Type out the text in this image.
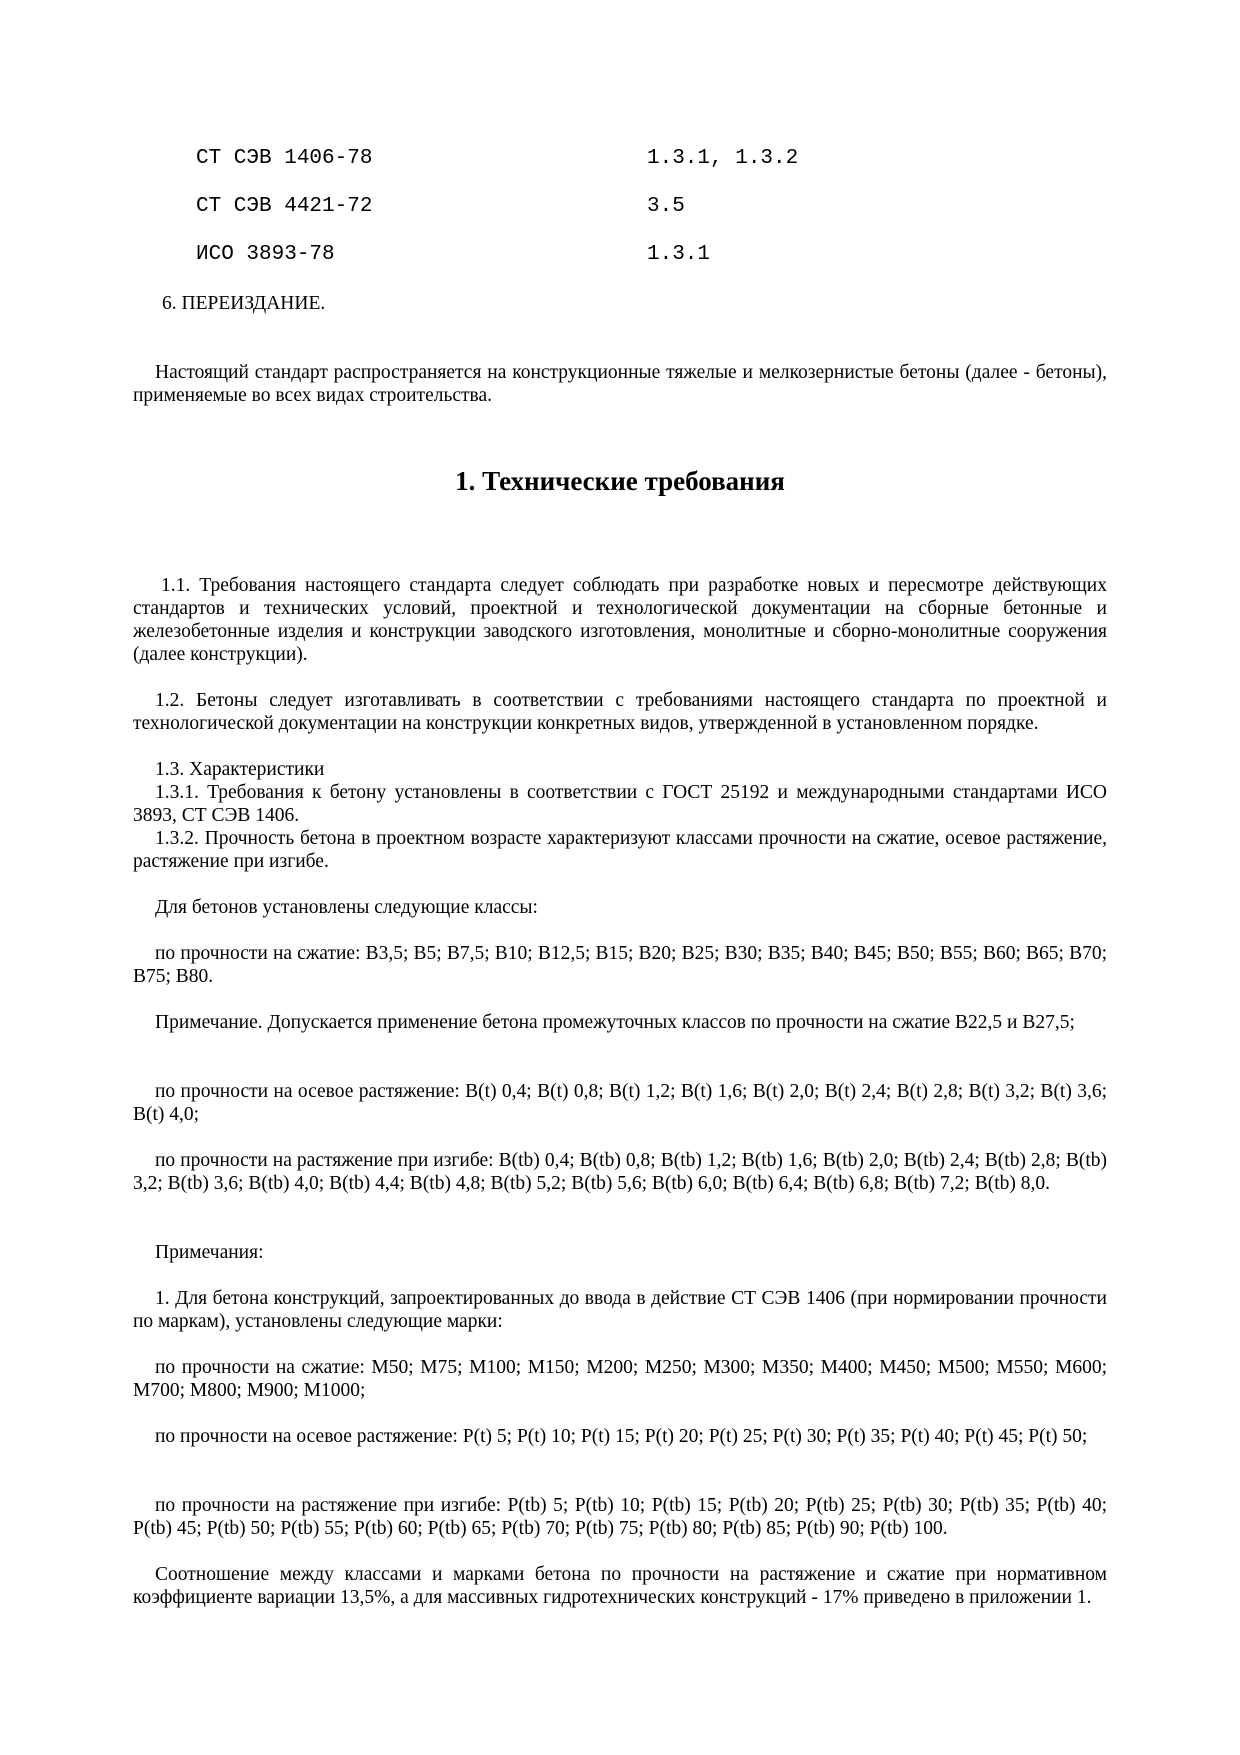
СТ СЭВ 1406-78	1.3.1, 1.3.2
СТ СЭВ 4421-72	3.5
ИСО 3893-78	1.3.1
6. ПЕРЕИЗДАНИЕ.

Настоящий стандарт распространяется на конструкционные тяжелые и мелкозернистые бетоны (далее - бетоны), применяемые во всех видах строительства.

1. Технические требования

1.1. Требования настоящего стандарта следует соблюдать при разработке новых и пересмотре действующих стандартов и технических условий, проектной и технологической документации на сборные бетонные и железобетонные изделия и конструкции заводского изготовления, монолитные и сборно-монолитные сооружения (далее конструкции).

1.2. Бетоны следует изготавливать в соответствии с требованиями настоящего стандарта по проектной и технологической документации на конструкции конкретных видов, утвержденной в установленном порядке.

1.3. Характеристики

1.3.1. Требования к бетону установлены в соответствии с ГОСТ 25192 и международными стандартами ИСО 3893, СТ СЭВ 1406.

1.3.2. Прочность бетона в проектном возрасте характеризуют классами прочности на сжатие, осевое растяжение, растяжение при изгибе.

Для бетонов установлены следующие классы:

по прочности на сжатие: B3,5; B5; B7,5; B10; B12,5; B15; B20; B25; B30; B35; B40; B45; B50; B55; B60; B65; B70; B75; B80.

Примечание. Допускается применение бетона промежуточных классов по прочности на сжатие B22,5 и B27,5;

по прочности на осевое растяжение: B(t) 0,4; B(t) 0,8; B(t) 1,2; B(t) 1,6; B(t) 2,0; B(t) 2,4; B(t) 2,8; B(t) 3,2; B(t) 3,6; B(t) 4,0;

по прочности на растяжение при изгибе: B(tb) 0,4; B(tb) 0,8; B(tb) 1,2; B(tb) 1,6; B(tb) 2,0; B(tb) 2,4; B(tb) 2,8; B(tb) 3,2; B(tb) 3,6; B(tb) 4,0; B(tb) 4,4; B(tb) 4,8; B(tb) 5,2; B(tb) 5,6; B(tb) 6,0; B(tb) 6,4; B(tb) 6,8; B(tb) 7,2; B(tb) 8,0.

Примечания:

1. Для бетона конструкций, запроектированных до ввода в действие СТ СЭВ 1406 (при нормировании прочности по маркам), установлены следующие марки:

по прочности на сжатие: M50; M75; M100; M150; M200; M250; M300; M350; M400; M450; M500; M550; M600; M700; M800; M900; M1000;

по прочности на осевое растяжение: P(t) 5; P(t) 10; P(t) 15; P(t) 20; P(t) 25; P(t) 30; P(t) 35; P(t) 40; P(t) 45; P(t) 50;

по прочности на растяжение при изгибе: P(tb) 5; P(tb) 10; P(tb) 15; P(tb) 20; P(tb) 25; P(tb) 30; P(tb) 35; P(tb) 40; P(tb) 45; P(tb) 50; P(tb) 55; P(tb) 60; P(tb) 65; P(tb) 70; P(tb) 75; P(tb) 80; P(tb) 85; P(tb) 90; P(tb) 100.

Соотношение между классами и марками бетона по прочности на растяжение и сжатие при нормативном коэффициенте вариации 13,5%, а для массивных гидротехнических конструкций - 17% приведено в приложении 1.
